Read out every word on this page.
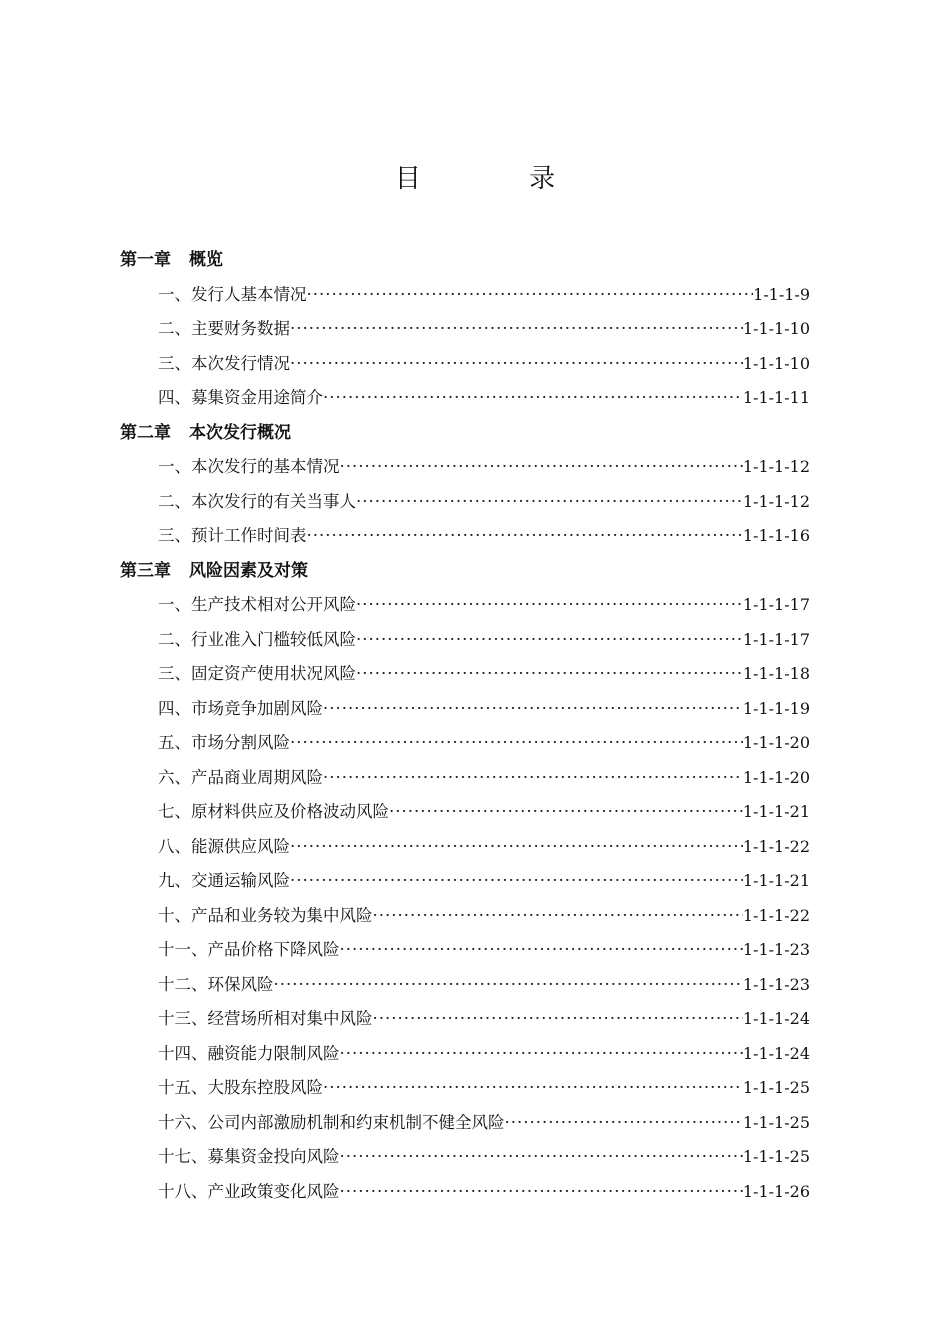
目 录
第一章 概览
一、发行人基本情况 ·····	1-1-1-9
二、主要财务数据 ·····	1-1-1-10
三、本次发行情况 ·····	1-1-1-10
四、募集资金用途简介 ·····	1-1-1-11
第二章 本次发行概况
一、本次发行的基本情况 ·····	1-1-1-12
二、本次发行的有关当事人 ·····	1-1-1-12
三、预计工作时间表 ·····	1-1-1-16
第三章 风险因素及对策
一、生产技术相对公开风险 ·····	1-1-1-17
二、行业准入门槛较低风险 ·····	1-1-1-17
三、固定资产使用状况风险 ·····	1-1-1-18
四、市场竞争加剧风险 ·····	1-1-1-19
五、市场分割风险 ·····	1-1-1-20
六、产品商业周期风险 ·····	1-1-1-20
七、原材料供应及价格波动风险 ·····	1-1-1-21
八、能源供应风险 ·····	1-1-1-22
九、交通运输风险 ·····	1-1-1-21
十、产品和业务较为集中风险 ·····	1-1-1-22
十一、产品价格下降风险 ·····	1-1-1-23
十二、环保风险 ·····	1-1-1-23
十三、经营场所相对集中风险 ·····	1-1-1-24
十四、融资能力限制风险 ·····	1-1-1-24
十五、大股东控股风险 ·····	1-1-1-25
十六、公司内部激励机制和约束机制不健全风险 ·····	1-1-1-25
十七、募集资金投向风险 ·····	1-1-1-25
十八、产业政策变化风险 ·····	1-1-1-26
